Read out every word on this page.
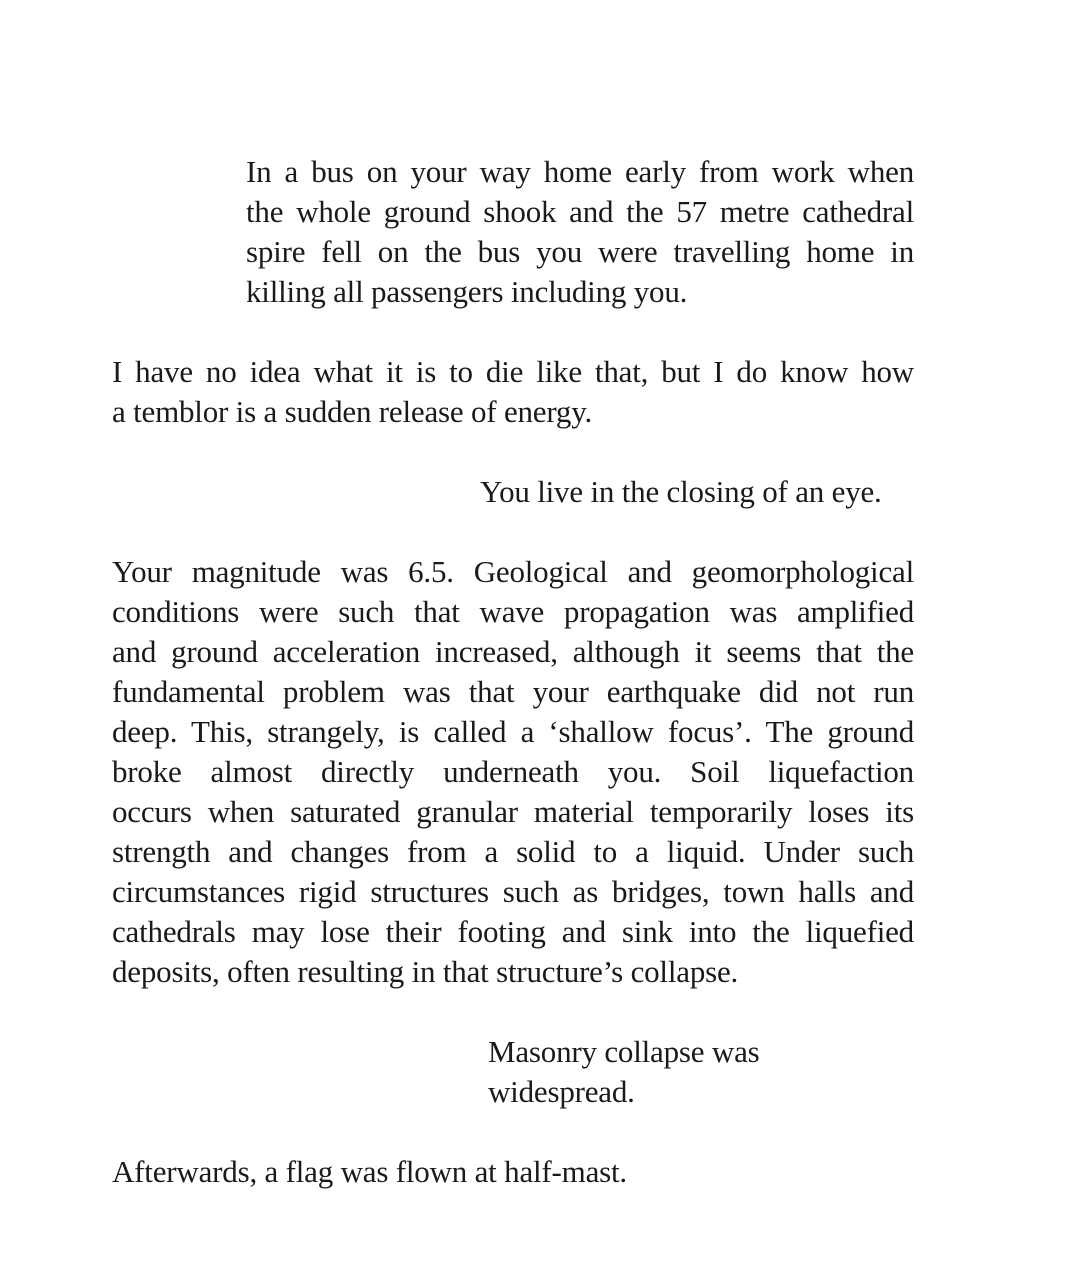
In a bus on your way home early from work when
the whole ground shook and the 57 metre cathedral
spire fell on the bus you were travelling home in
killing all passengers including you.
I have no idea what it is to die like that, but I do know how
a temblor is a sudden release of energy.
You live in the closing of an eye.
Your magnitude was 6.5. Geological and geomorphological
conditions were such that wave propagation was amplified
and ground acceleration increased, although it seems that the
fundamental problem was that your earthquake did not run
deep. This, strangely, is called a ‘shallow focus’. The ground
broke almost directly underneath you. Soil liquefaction
occurs when saturated granular material temporarily loses its
strength and changes from a solid to a liquid. Under such
circumstances rigid structures such as bridges, town halls and
cathedrals may lose their footing and sink into the liquefied
deposits, often resulting in that structure’s collapse.
Masonry collapse was
widespread.
Afterwards, a flag was flown at half-mast.
